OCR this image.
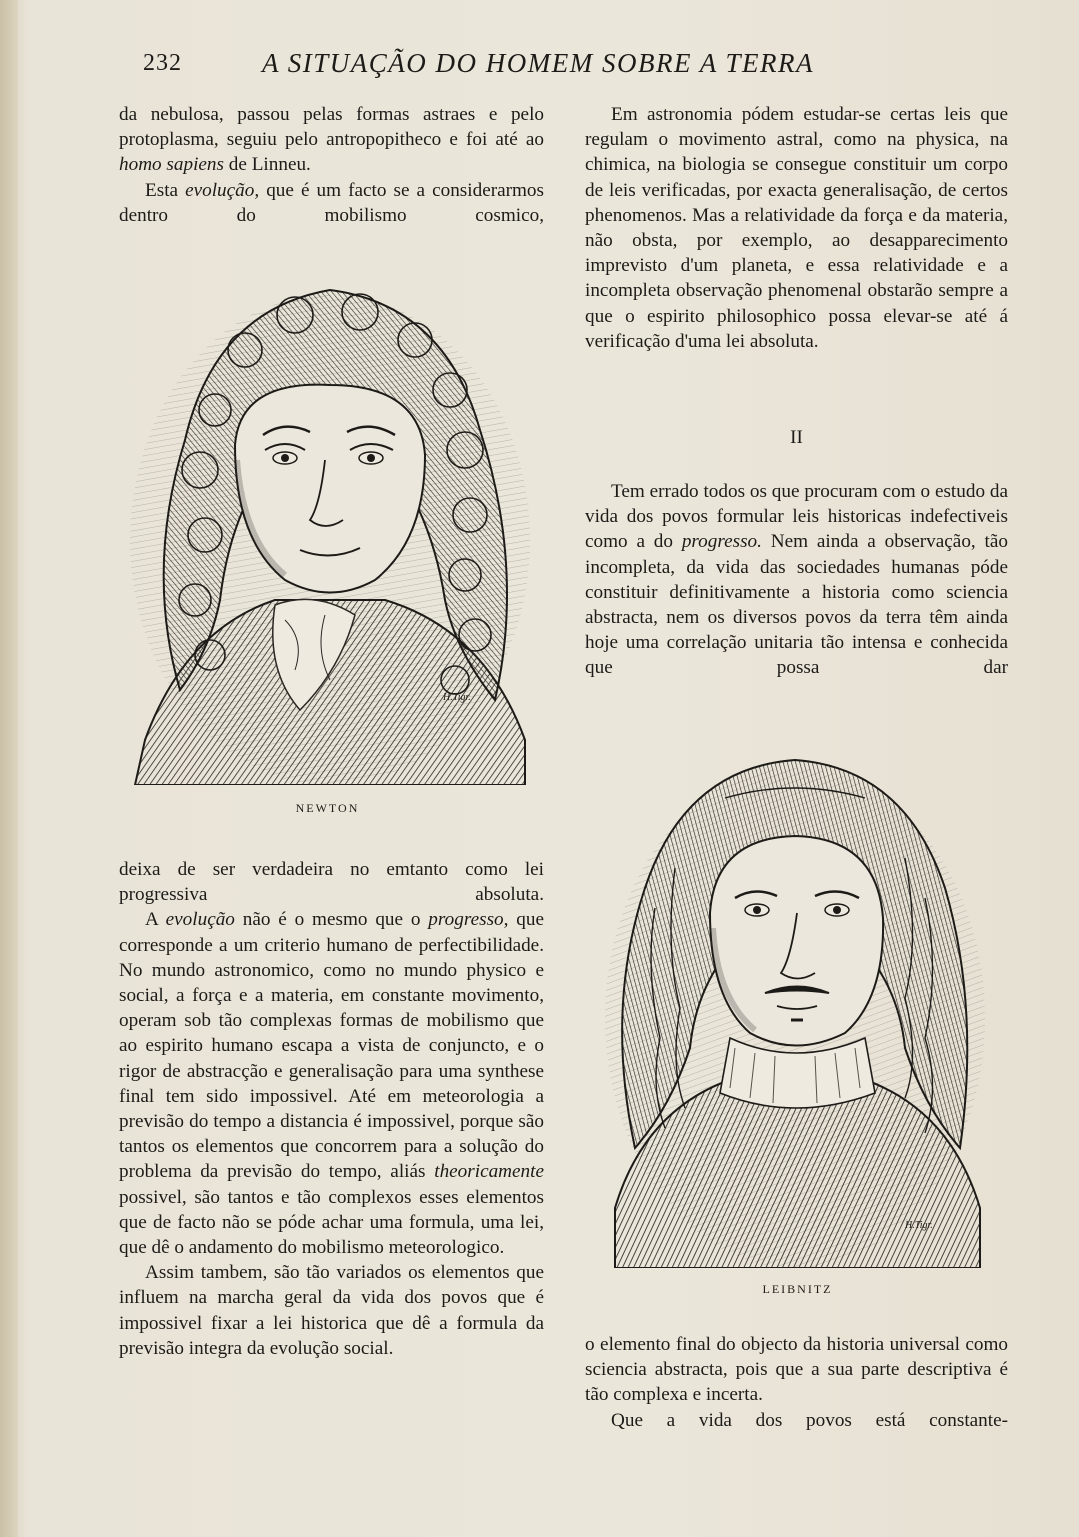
232	A SITUAÇÃO DO HOMEM SOBRE A TERRA

da nebulosa, passou pelas formas astraes e pelo protoplasma, seguiu pelo antropopitheco e foi até ao homo sapiens de Linneu.

Esta evolução, que é um facto se a considerarmos dentro do mobilismo cosmico,

H.Tigr.
NEWTON

deixa de ser verdadeira no emtanto como lei progressiva absoluta.

A evolução não é o mesmo que o progresso, que corresponde a um criterio humano de perfectibilidade. No mundo astronomico, como no mundo physico e social, a força e a materia, em constante movimento, operam sob tão complexas formas de mobilismo que ao espirito humano escapa a vista de conjuncto, e o rigor de abstracção e generalisação para uma synthese final tem sido impossivel. Até em meteorologia a previsão do tempo a distancia é impossivel, porque são tantos os elementos que concorrem para a solução do problema da previsão do tempo, aliás theoricamente possivel, são tantos e tão complexos esses elementos que de facto não se póde achar uma formula, uma lei, que dê o andamento do mobilismo meteorologico.

Assim tambem, são tão variados os elementos que influem na marcha geral da vida dos povos que é impossivel fixar a lei historica que dê a formula da previsão integra da evolução social.

Em astronomia pódem estudar-se certas leis que regulam o movimento astral, como na physica, na chimica, na biologia se consegue constituir um corpo de leis verificadas, por exacta generalisação, de certos phenomenos. Mas a relatividade da força e da materia, não obsta, por exemplo, ao desapparecimento imprevisto d'um planeta, e essa relatividade e a incompleta observação phenomenal obstarão sempre a que o espirito philosophico possa elevar-se até á verificação d'uma lei absoluta.

II

Tem errado todos os que procuram com o estudo da vida dos povos formular leis historicas indefectiveis como a do progresso. Nem ainda a observação, tão incompleta, da vida das sociedades humanas póde constituir definitivamente a historia como sciencia abstracta, nem os diversos povos da terra têm ainda hoje uma correlação unitaria tão intensa e conhecida que possa dar

H.Tigr.
LEIBNITZ

o elemento final do objecto da historia universal como sciencia abstracta, pois que a sua parte descriptiva é tão complexa e incerta.

Que a vida dos povos está constante-
